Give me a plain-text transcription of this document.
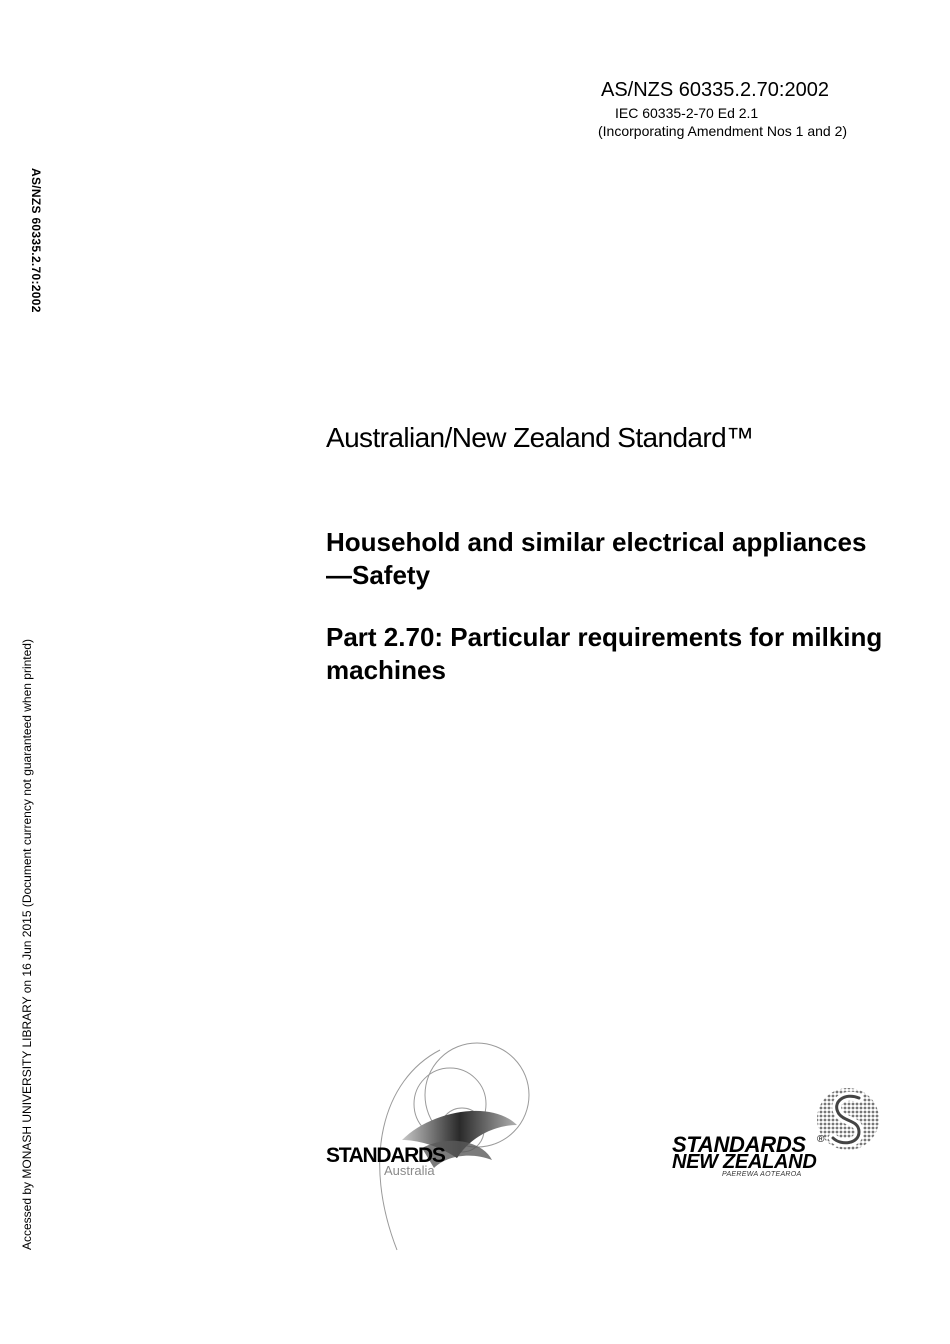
AS/NZS 60335.2.70:2002
IEC 60335-2-70 Ed 2.1
(Incorporating Amendment Nos 1 and 2)
AS/NZS 60335.2.70:2002
Accessed by MONASH UNIVERSITY LIBRARY on 16 Jun 2015 (Document currency not guaranteed when printed)
Australian/New Zealand Standard™
Household and similar electrical appliances—Safety
Part 2.70: Particular requirements for milking machines
STANDARDS
Australia
STANDARDS ®
NEW ZEALAND
PAEREWA AOTEAROA
